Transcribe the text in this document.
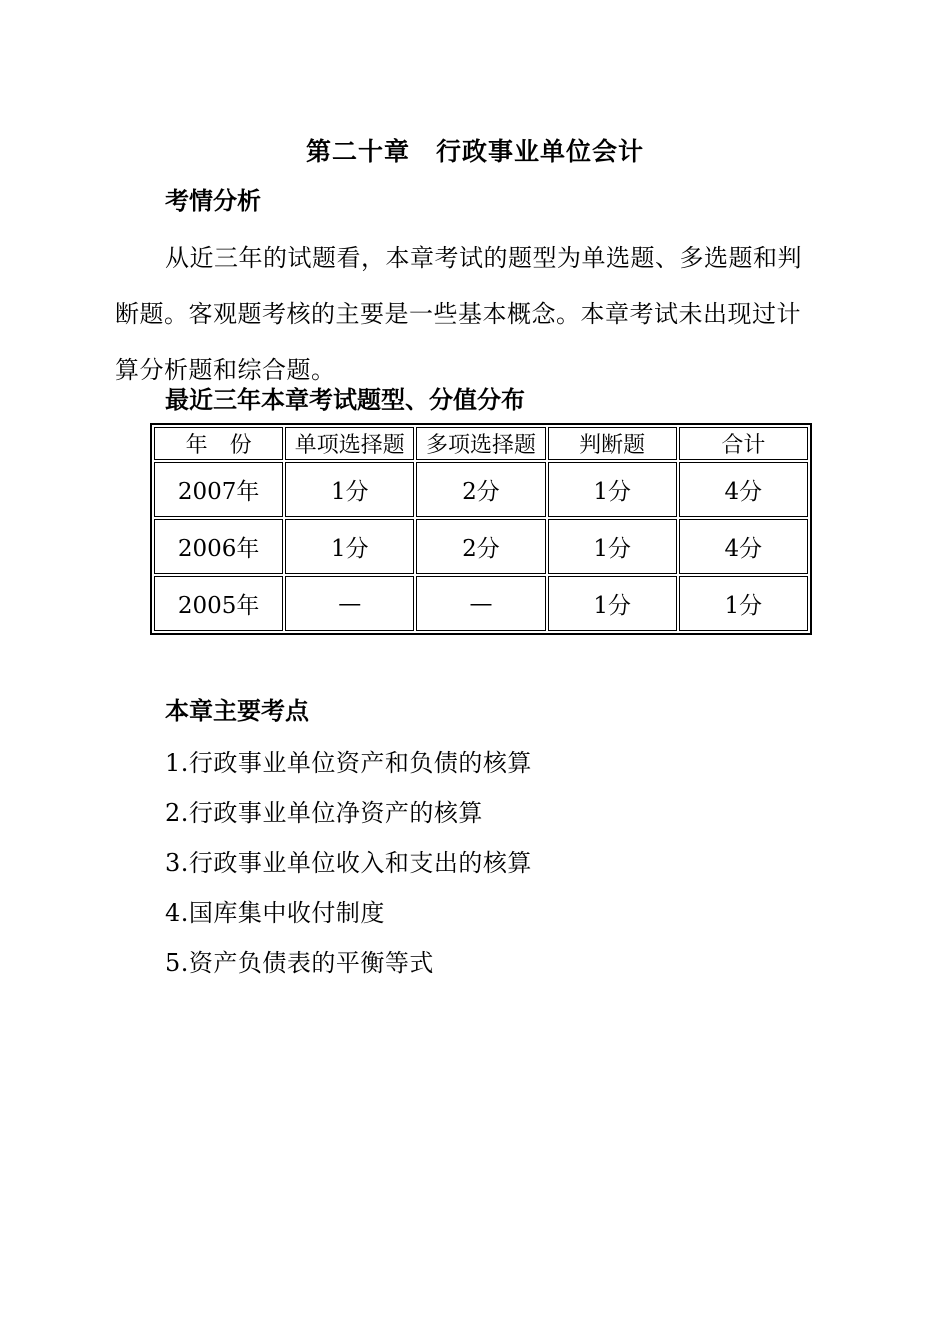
第二十章　行政事业单位会计
考情分析

从近三年的试题看，本章考试的题型为单选题、多选题和判
断题。客观题考核的主要是一些基本概念。本章考试未出现过计
算分析题和综合题。

最近三年本章考试题型、分值分布
年　份	单项选择题	多项选择题	判断题	合计
2007年	1分	2分	1分	4分
2006年	1分	2分	1分	4分
2005年	—	—	1分	1分
本章主要考点
1.行政事业单位资产和负债的核算
2.行政事业单位净资产的核算
3.行政事业单位收入和支出的核算
4.国库集中收付制度
5.资产负债表的平衡等式
